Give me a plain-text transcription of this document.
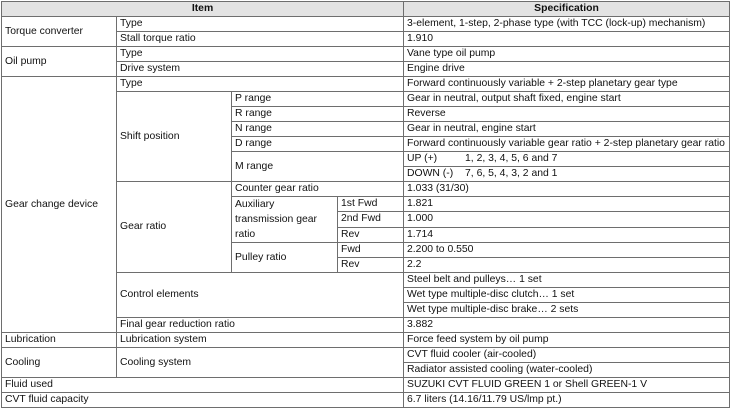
Item				Specification
Torque converter	Type			3-element, 1-step, 2-phase type (with TCC (lock-up) mechanism)
	Stall torque ratio			1.910
Oil pump	Type			Vane type oil pump
	Drive system			Engine drive
Gear change device	Type			Forward continuously variable + 2-step planetary gear type
	Shift position	P range		Gear in neutral, output shaft fixed, engine start
		R range		Reverse
		N range		Gear in neutral, engine start
		D range		Forward continuously variable gear ratio + 2-step planetary gear ratio
		M range		UP (+) 1, 2, 3, 4, 5, 6 and 7
				DOWN (-) 7, 6, 5, 4, 3, 2 and 1
	Gear ratio	Counter gear ratio		1.033 (31/30)
		Auxiliary transmission gear ratio	1st Fwd	1.821
			2nd Fwd	1.000
			Rev	1.714
		Pulley ratio	Fwd	2.200 to 0.550
			Rev	2.2
	Control elements			Steel belt and pulleys… 1 set
				Wet type multiple-disc clutch… 1 set
				Wet type multiple-disc brake… 2 sets
	Final gear reduction ratio			3.882
Lubrication	Lubrication system			Force feed system by oil pump
Cooling	Cooling system			CVT fluid cooler (air-cooled)
				Radiator assisted cooling (water-cooled)
Fluid used				SUZUKI CVT FLUID GREEN 1 or Shell GREEN-1 V
CVT fluid capacity				6.7 liters (14.16/11.79 US/lmp pt.)
